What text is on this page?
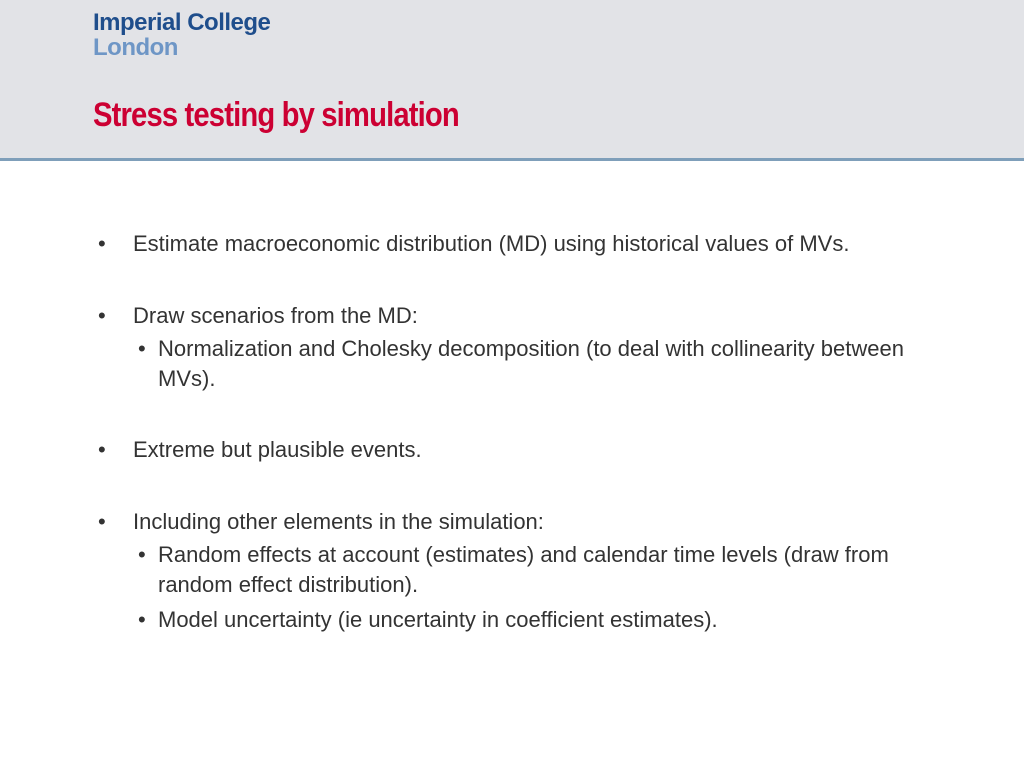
Imperial College
London
Stress testing by simulation
• Estimate macroeconomic distribution (MD) using historical values of MVs.
• Draw scenarios from the MD:
• Normalization and Cholesky decomposition (to deal with collinearity between MVs).
• Extreme but plausible events.
• Including other elements in the simulation:
• Random effects at account (estimates) and calendar time levels (draw from random effect distribution).
• Model uncertainty (ie uncertainty in coefficient estimates).
